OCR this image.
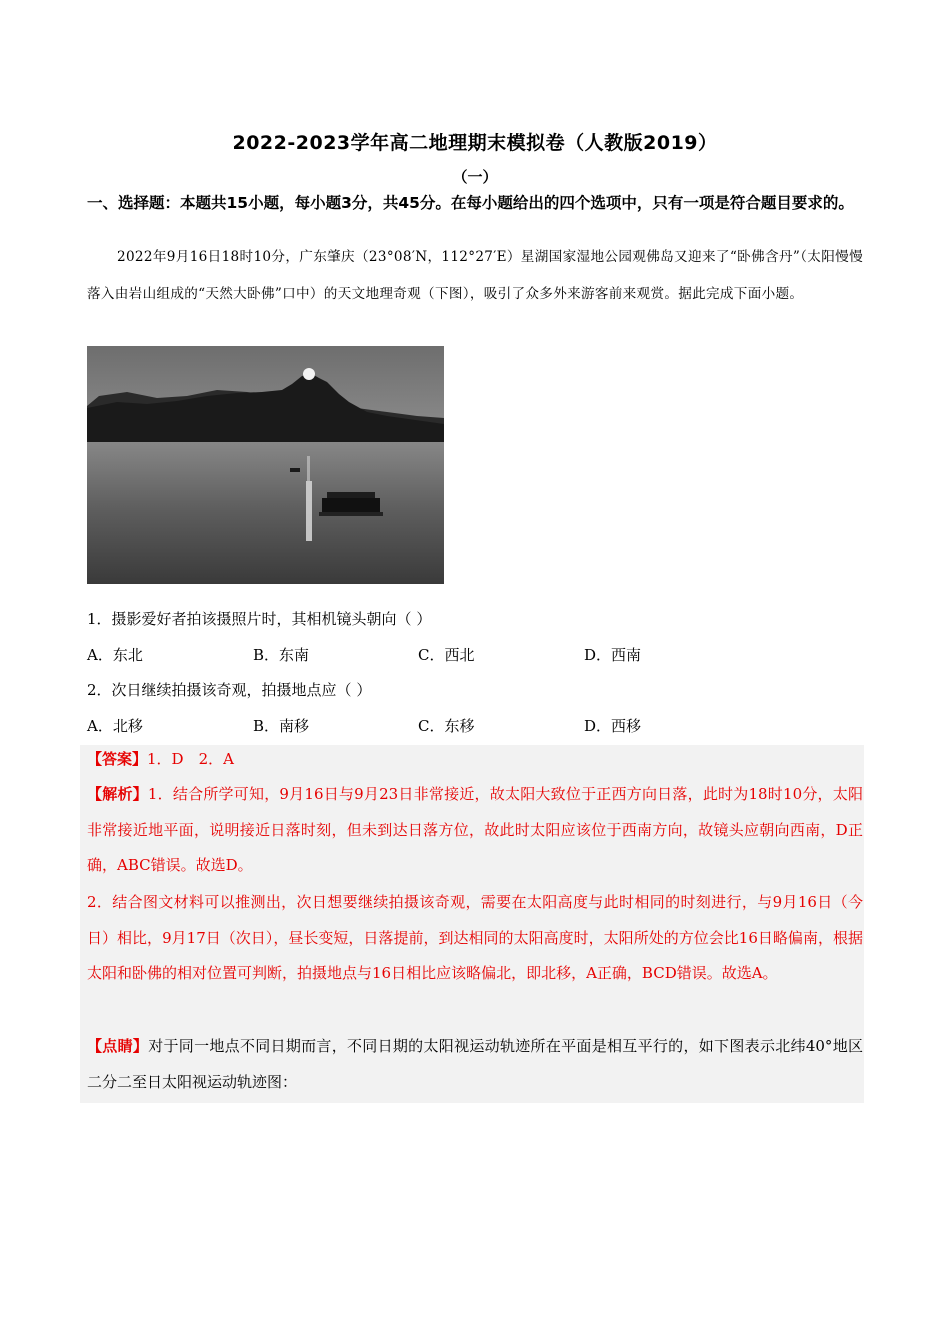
2022-2023学年高二地理期末模拟卷（人教版2019）
（一）
一、选择题：本题共15小题，每小题3分，共45分。在每小题给出的四个选项中，只有一项是符合题目要求的。
2022年9月16日18时10分，广东肇庆（23°08′N，112°27′E）星湖国家湿地公园观佛岛又迎来了“卧佛含丹”（太阳慢慢落入由岩山组成的“天然大卧佛”口中）的天文地理奇观（下图），吸引了众多外来游客前来观赏。据此完成下面小题。
1．摄影爱好者拍该摄照片时，其相机镜头朝向（ ）
A．东北	B．东南	C．西北	D．西南
2．次日继续拍摄该奇观，拍摄地点应（ ）
A．北移	B．南移	C．东移	D．西移
【答案】1．D　2．A
【解析】1．结合所学可知，9月16日与9月23日非常接近，故太阳大致位于正西方向日落，此时为18时10分，太阳非常接近地平面，说明接近日落时刻，但未到达日落方位，故此时太阳应该位于西南方向，故镜头应朝向西南，D正确，ABC错误。故选D。
2．结合图文材料可以推测出，次日想要继续拍摄该奇观，需要在太阳高度与此时相同的时刻进行，与9月16日（今日）相比，9月17日（次日），昼长变短，日落提前，到达相同的太阳高度时，太阳所处的方位会比16日略偏南，根据太阳和卧佛的相对位置可判断，拍摄地点与16日相比应该略偏北，即北移，A正确，BCD错误。故选A。
【点睛】对于同一地点不同日期而言，不同日期的太阳视运动轨迹所在平面是相互平行的，如下图表示北纬40°地区二分二至日太阳视运动轨迹图：
